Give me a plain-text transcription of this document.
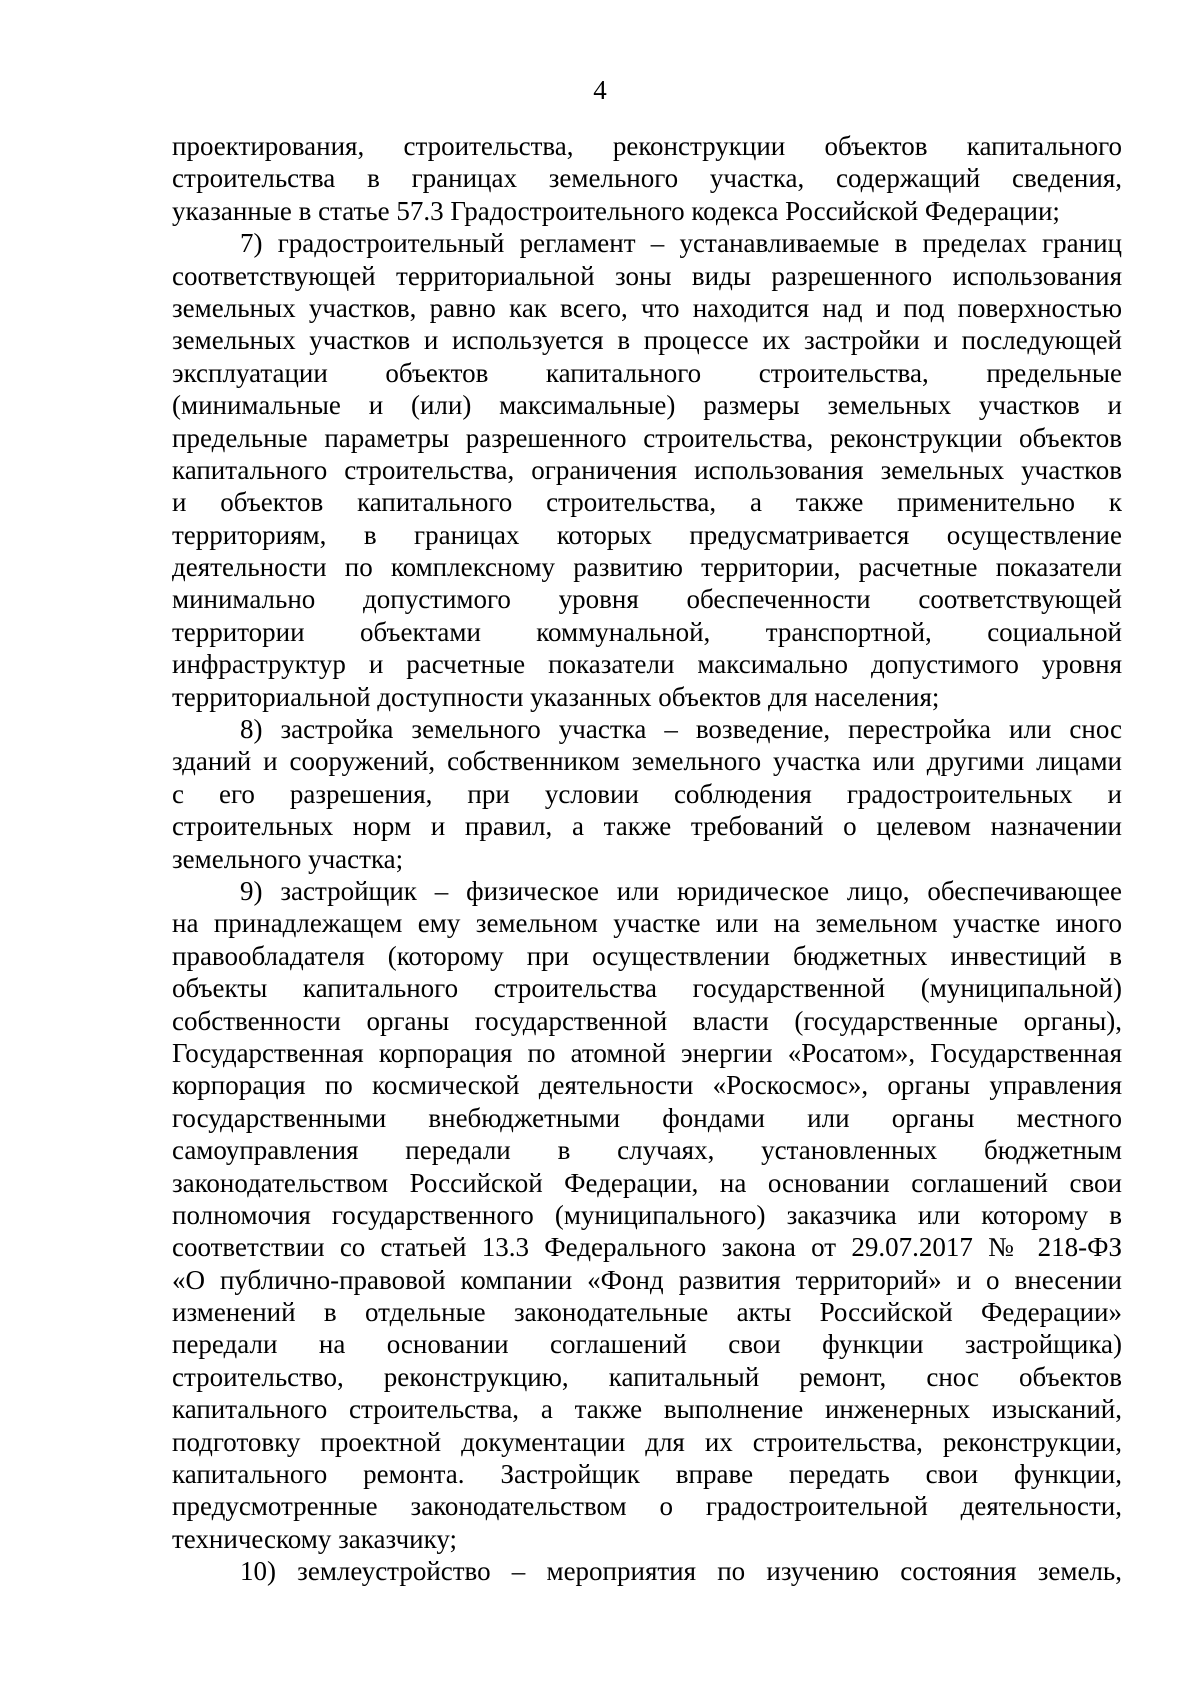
4
проектирования, строительства, реконструкции объектов капитального
строительства в границах земельного участка, содержащий сведения,
указанные в статье 57.3 Градостроительного кодекса Российской Федерации;
7) градостроительный регламент – устанавливаемые в пределах границ
соответствующей территориальной зоны виды разрешенного использования
земельных участков, равно как всего, что находится над и под поверхностью
земельных участков и используется в процессе их застройки и последующей
эксплуатации объектов капитального строительства, предельные
(минимальные и (или) максимальные) размеры земельных участков и
предельные параметры разрешенного строительства, реконструкции объектов
капитального строительства, ограничения использования земельных участков
и объектов капитального строительства, а также применительно к
территориям, в границах которых предусматривается осуществление
деятельности по комплексному развитию территории, расчетные показатели
минимально допустимого уровня обеспеченности соответствующей
территории объектами коммунальной, транспортной, социальной
инфраструктур и расчетные показатели максимально допустимого уровня
территориальной доступности указанных объектов для населения;
8) застройка земельного участка – возведение, перестройка или снос
зданий и сооружений, собственником земельного участка или другими лицами
с его разрешения, при условии соблюдения градостроительных и
строительных норм и правил, а также требований о целевом назначении
земельного участка;
9) застройщик – физическое или юридическое лицо, обеспечивающее
на принадлежащем ему земельном участке или на земельном участке иного
правообладателя (которому при осуществлении бюджетных инвестиций в
объекты капитального строительства государственной (муниципальной)
собственности органы государственной власти (государственные органы),
Государственная корпорация по атомной энергии «Росатом», Государственная
корпорация по космической деятельности «Роскосмос», органы управления
государственными внебюджетными фондами или органы местного
самоуправления передали в случаях, установленных бюджетным
законодательством Российской Федерации, на основании соглашений свои
полномочия государственного (муниципального) заказчика или которому в
соответствии со статьей 13.3 Федерального закона от 29.07.2017 № 218-ФЗ
«О публично-правовой компании «Фонд развития территорий» и о внесении
изменений в отдельные законодательные акты Российской Федерации»
передали на основании соглашений свои функции застройщика)
строительство, реконструкцию, капитальный ремонт, снос объектов
капитального строительства, а также выполнение инженерных изысканий,
подготовку проектной документации для их строительства, реконструкции,
капитального ремонта. Застройщик вправе передать свои функции,
предусмотренные законодательством о градостроительной деятельности,
техническому заказчику;
10) землеустройство – мероприятия по изучению состояния земель,
